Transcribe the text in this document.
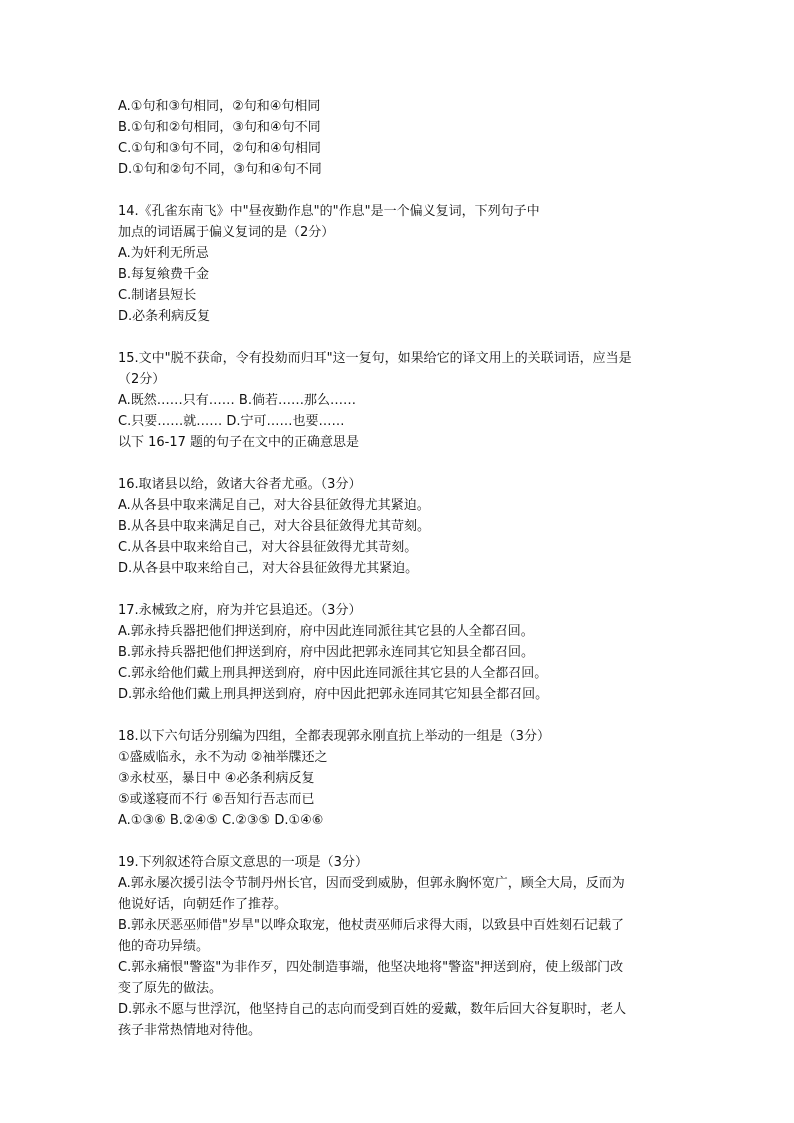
A.①句和③句相同，②句和④句相同

B.①句和②句相同，③句和④句不同

C.①句和③句不同，②句和④句相同

D.①句和②句不同，③句和④句不同

14.《孔雀东南飞》中"昼夜勤作息"的"作息"是一个偏义复词，下列句子中

加点的词语属于偏义复词的是（2分）

A.为奸利无所忌

B.每复飨费千金

C.制诸县短长

D.必条利病反复

15.文中"脱不获命，令有投劾而归耳"这一复句，如果给它的译文用上的关联词语，应当是

（2分）

A.既然……只有…… B.倘若……那么……

C.只要……就…… D.宁可……也要……

以下 16-17 题的句子在文中的正确意思是

16.取诸县以给，敛诸大谷者尤亟。（3分）

A.从各县中取来满足自己，对大谷县征敛得尤其紧迫。

B.从各县中取来满足自己，对大谷县征敛得尤其苛刻。

C.从各县中取来给自己，对大谷县征敛得尤其苛刻。

D.从各县中取来给自己，对大谷县征敛得尤其紧迫。

17.永械致之府，府为并它县追还。（3分）

A.郭永持兵器把他们押送到府，府中因此连同派往其它县的人全都召回。

B.郭永持兵器把他们押送到府，府中因此把郭永连同其它知县全都召回。

C.郭永给他们戴上刑具押送到府，府中因此连同派往其它县的人全都召回。

D.郭永给他们戴上刑具押送到府，府中因此把郭永连同其它知县全都召回。

18.以下六句话分别编为四组，全都表现郭永刚直抗上举动的一组是（3分）

①盛威临永，永不为动 ②袖举牒还之

③永杖巫，暴日中 ④必条利病反复

⑤或遂寝而不行 ⑥吾知行吾志而已

A.①③⑥ B.②④⑤ C.②③⑤ D.①④⑥

19.下列叙述符合原文意思的一项是（3分）

A.郭永屡次援引法令节制丹州长官，因而受到威胁，但郭永胸怀宽广，顾全大局，反而为

他说好话，向朝廷作了推荐。

B.郭永厌恶巫师借"岁旱"以哗众取宠，他杖责巫师后求得大雨，以致县中百姓刻石记载了

他的奇功异绩。

C.郭永痛恨"警盗"为非作歹，四处制造事端，他坚决地将"警盗"押送到府，使上级部门改

变了原先的做法。

D.郭永不愿与世浮沉，他坚持自己的志向而受到百姓的爱戴，数年后回大谷复职时，老人

孩子非常热情地对待他。
